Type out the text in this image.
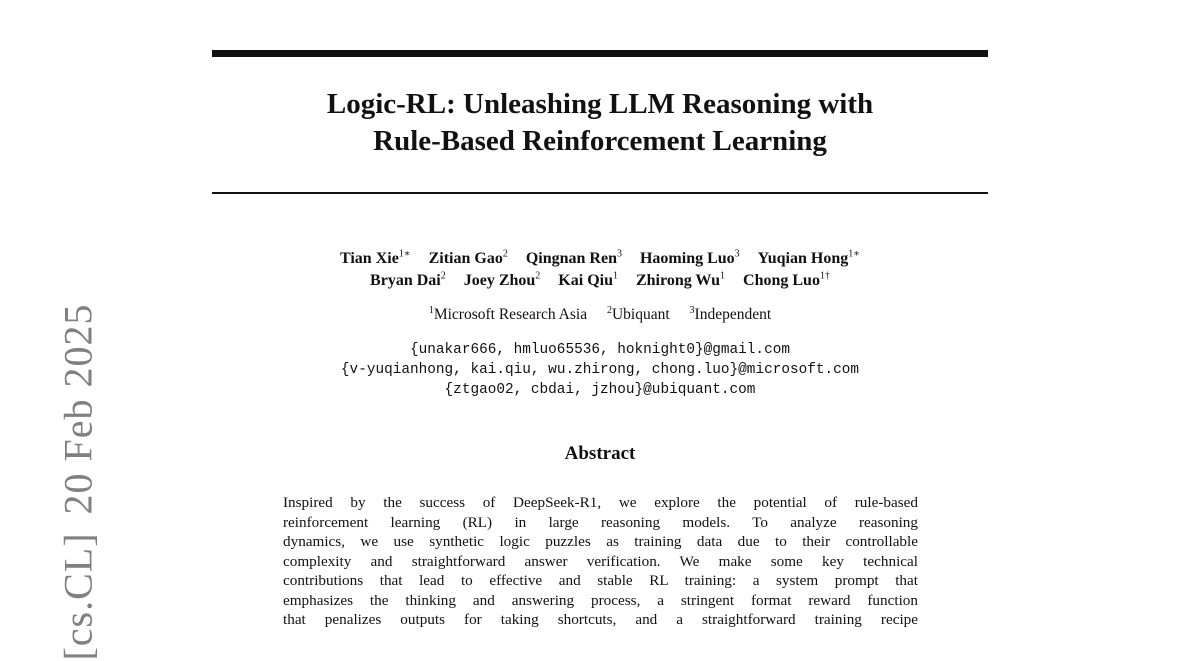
[cs.CL]20 Feb 2025
Logic-RL: Unleashing LLM Reasoning with
Rule-Based Reinforcement Learning
Tian Xie$^{1∗}$ Zitian Gao$^2$ Qingnan Ren$^3$ Haoming Luo$^3$ Yuqian Hong$^{1∗}$
Bryan Dai$^2$ Joey Zhou$^2$ Kai Qiu$^1$ Zhirong Wu$^1$ Chong Luo$^{1\dagger}$
$^1$Microsoft Research Asia $^2$Ubiquant $^3$Independent
{unakar666, hmluo65536, hoknight0}@gmail.com
{v-yuqianhong, kai.qiu, wu.zhirong, chong.luo}@microsoft.com
{ztgao02, cbdai, jzhou}@ubiquant.com
Abstract
Inspired by the success of DeepSeek-R1, we explore the potential of rule-based
reinforcement learning (RL) in large reasoning models. To analyze reasoning
dynamics, we use synthetic logic puzzles as training data due to their controllable
complexity and straightforward answer verification. We make some key technical
contributions that lead to effective and stable RL training: a system prompt that
emphasizes the thinking and answering process, a stringent format reward function
that penalizes outputs for taking shortcuts, and a straightforward training recipe
